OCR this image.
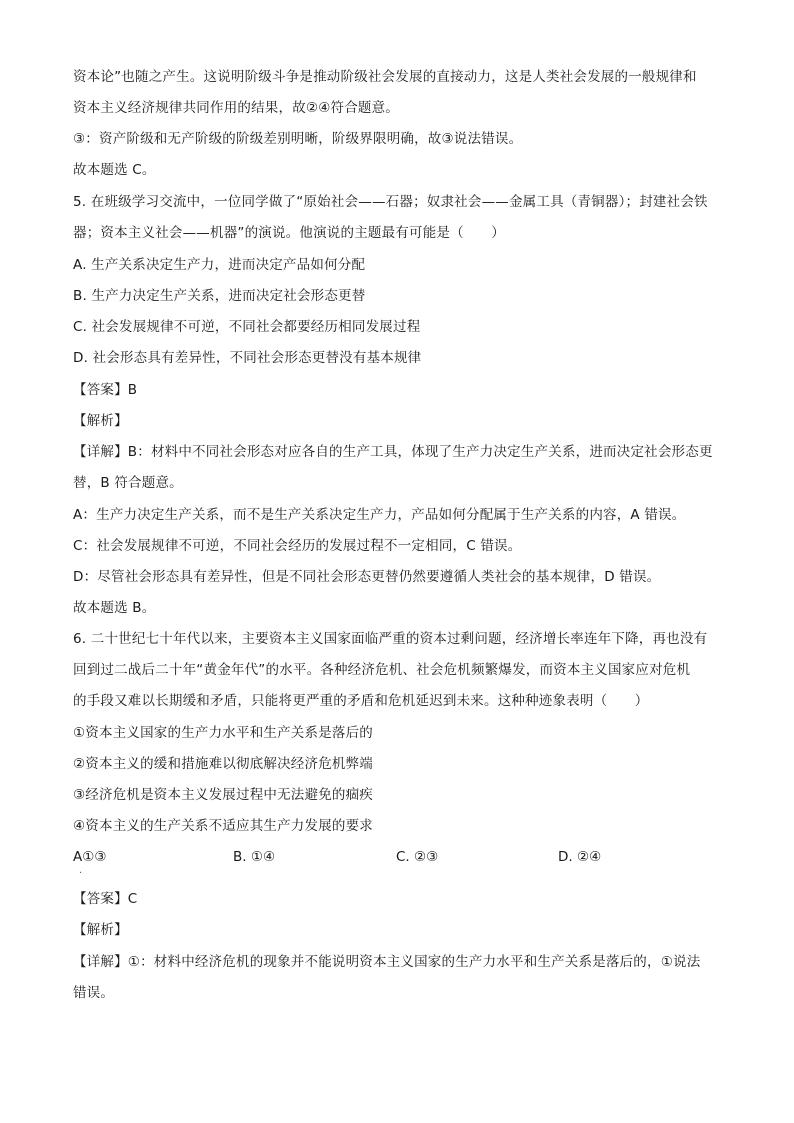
资本论”也随之产生。这说明阶级斗争是推动阶级社会发展的直接动力，这是人类社会发展的一般规律和
资本主义经济规律共同作用的结果，故②④符合题意。
③：资产阶级和无产阶级的阶级差别明晰，阶级界限明确，故③说法错误。
故本题选 C。
5. 在班级学习交流中，一位同学做了“原始社会——石器；奴隶社会——金属工具（青铜器）；封建社会铁
器；资本主义社会——机器”的演说。他演说的主题最有可能是（　　）
A. 生产关系决定生产力，进而决定产品如何分配
B. 生产力决定生产关系，进而决定社会形态更替
C. 社会发展规律不可逆，不同社会都要经历相同发展过程
D. 社会形态具有差异性，不同社会形态更替没有基本规律
【答案】B
【解析】
【详解】B：材料中不同社会形态对应各自的生产工具，体现了生产力决定生产关系，进而决定社会形态更
替，B 符合题意。
A：生产力决定生产关系，而不是生产关系决定生产力，产品如何分配属于生产关系的内容，A 错误。
C：社会发展规律不可逆，不同社会经历的发展过程不一定相同，C 错误。
D：尽管社会形态具有差异性，但是不同社会形态更替仍然要遵循人类社会的基本规律，D 错误。
故本题选 B。
6. 二十世纪七十年代以来，主要资本主义国家面临严重的资本过剩问题，经济增长率连年下降，再也没有
回到过二战后二十年“黄金年代”的水平。各种经济危机、社会危机频繁爆发，而资本主义国家应对危机
的手段又难以长期缓和矛盾，只能将更严重的矛盾和危机延迟到未来。这种种迹象表明（　　）
①资本主义国家的生产力水平和生产关系是落后的
②资本主义的缓和措施难以彻底解决经济危机弊端
③经济危机是资本主义发展过程中无法避免的痼疾
④资本主义的生产关系不适应其生产力发展的要求
A①③	B. ①④	C. ②③	D. ②④
·
【答案】C
【解析】
【详解】①：材料中经济危机的现象并不能说明资本主义国家的生产力水平和生产关系是落后的，①说法
错误。
